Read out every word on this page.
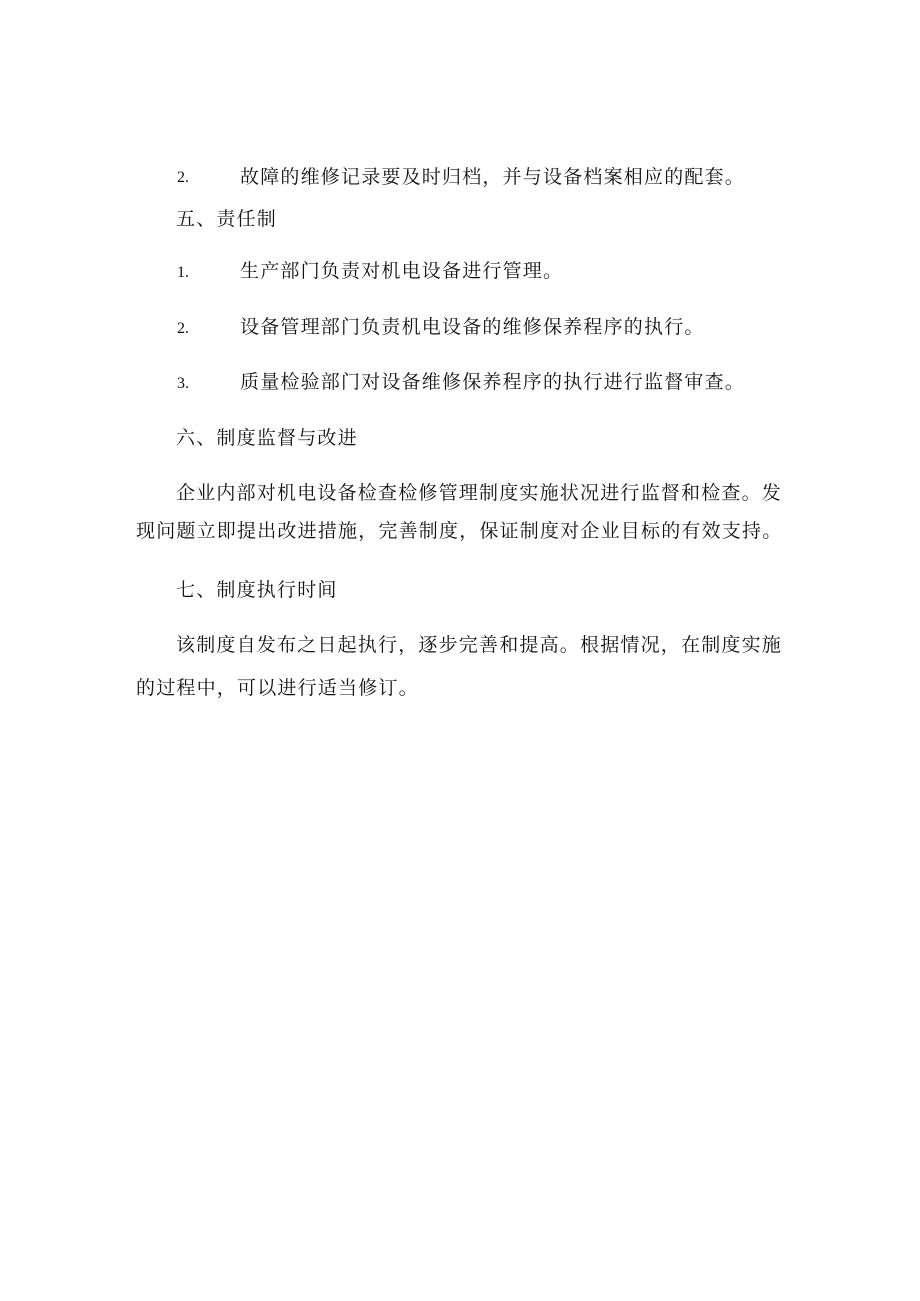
2.	故障的维修记录要及时归档，并与设备档案相应的配套。
五、责任制
1.	生产部门负责对机电设备进行管理。
2.	设备管理部门负责机电设备的维修保养程序的执行。
3.	质量检验部门对设备维修保养程序的执行进行监督审查。
六、制度监督与改进

企业内部对机电设备检查检修管理制度实施状况进行监督和检查。发

现问题立即提出改进措施，完善制度，保证制度对企业目标的有效支持。

七、制度执行时间

该制度自发布之日起执行，逐步完善和提高。根据情况，在制度实施

的过程中，可以进行适当修订。
